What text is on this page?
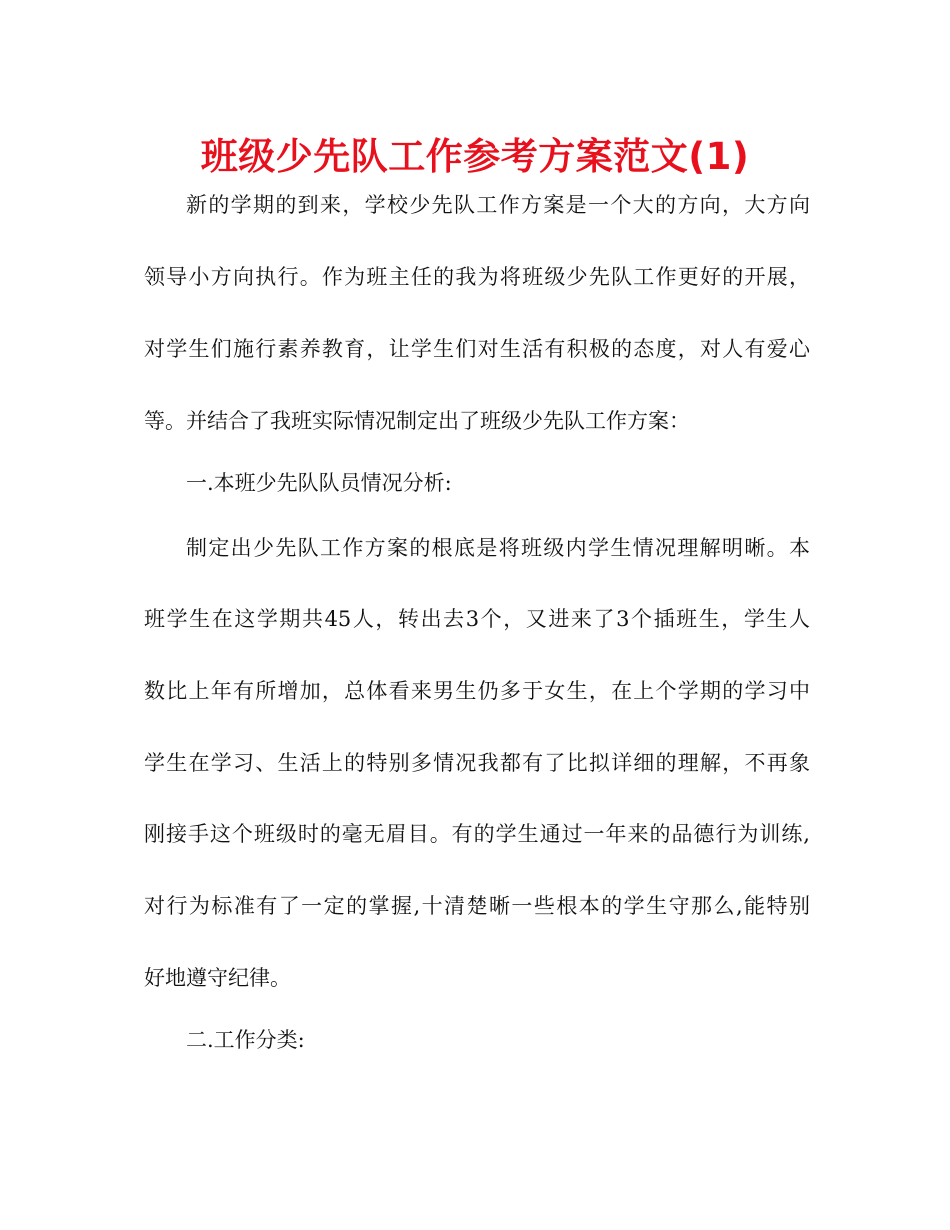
班级少先队工作参考方案范文(1)

新的学期的到来，学校少先队工作方案是一个大的方向，大方向

领导小方向执行。作为班主任的我为将班级少先队工作更好的开展，

对学生们施行素养教育，让学生们对生活有积极的态度，对人有爱心

等。并结合了我班实际情况制定出了班级少先队工作方案：

一.本班少先队队员情况分析:

制定出少先队工作方案的根底是将班级内学生情况理解明晰。本

班学生在这学期共45人，转出去3个，又进来了3个插班生，学生人

数比上年有所增加，总体看来男生仍多于女生，在上个学期的学习中

学生在学习、生活上的特别多情况我都有了比拟详细的理解，不再象

刚接手这个班级时的毫无眉目。有的学生通过一年来的品德行为训练,

对行为标准有了一定的掌握,十清楚晰一些根本的学生守那么,能特别

好地遵守纪律。

二.工作分类:
